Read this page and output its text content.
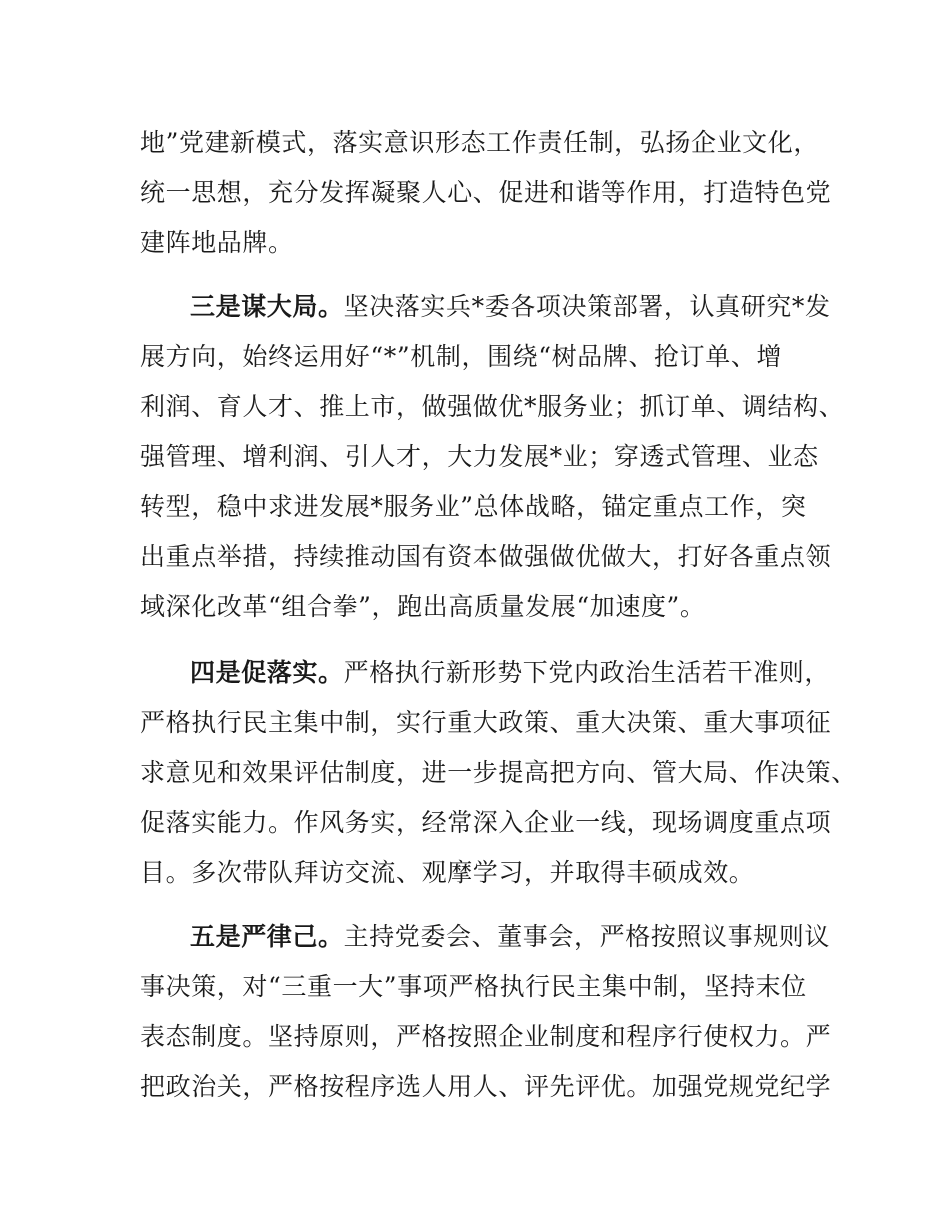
地”党建新模式，落实意识形态工作责任制，弘扬企业文化，
统一思想，充分发挥凝聚人心、促进和谐等作用，打造特色党
建阵地品牌。
三是谋大局。坚决落实兵*委各项决策部署，认真研究*发
展方向，始终运用好“*”机制，围绕“树品牌、抢订单、增
利润、育人才、推上市，做强做优*服务业；抓订单、调结构、
强管理、增利润、引人才，大力发展*业；穿透式管理、业态
转型，稳中求进发展*服务业”总体战略，锚定重点工作，突
出重点举措，持续推动国有资本做强做优做大，打好各重点领
域深化改革“组合拳”，跑出高质量发展“加速度”。
四是促落实。严格执行新形势下党内政治生活若干准则，
严格执行民主集中制，实行重大政策、重大决策、重大事项征
求意见和效果评估制度，进一步提高把方向、管大局、作决策、
促落实能力。作风务实，经常深入企业一线，现场调度重点项
目。多次带队拜访交流、观摩学习，并取得丰硕成效。
五是严律己。主持党委会、董事会，严格按照议事规则议
事决策，对“三重一大”事项严格执行民主集中制，坚持末位
表态制度。坚持原则，严格按照企业制度和程序行使权力。严
把政治关，严格按程序选人用人、评先评优。加强党规党纪学
